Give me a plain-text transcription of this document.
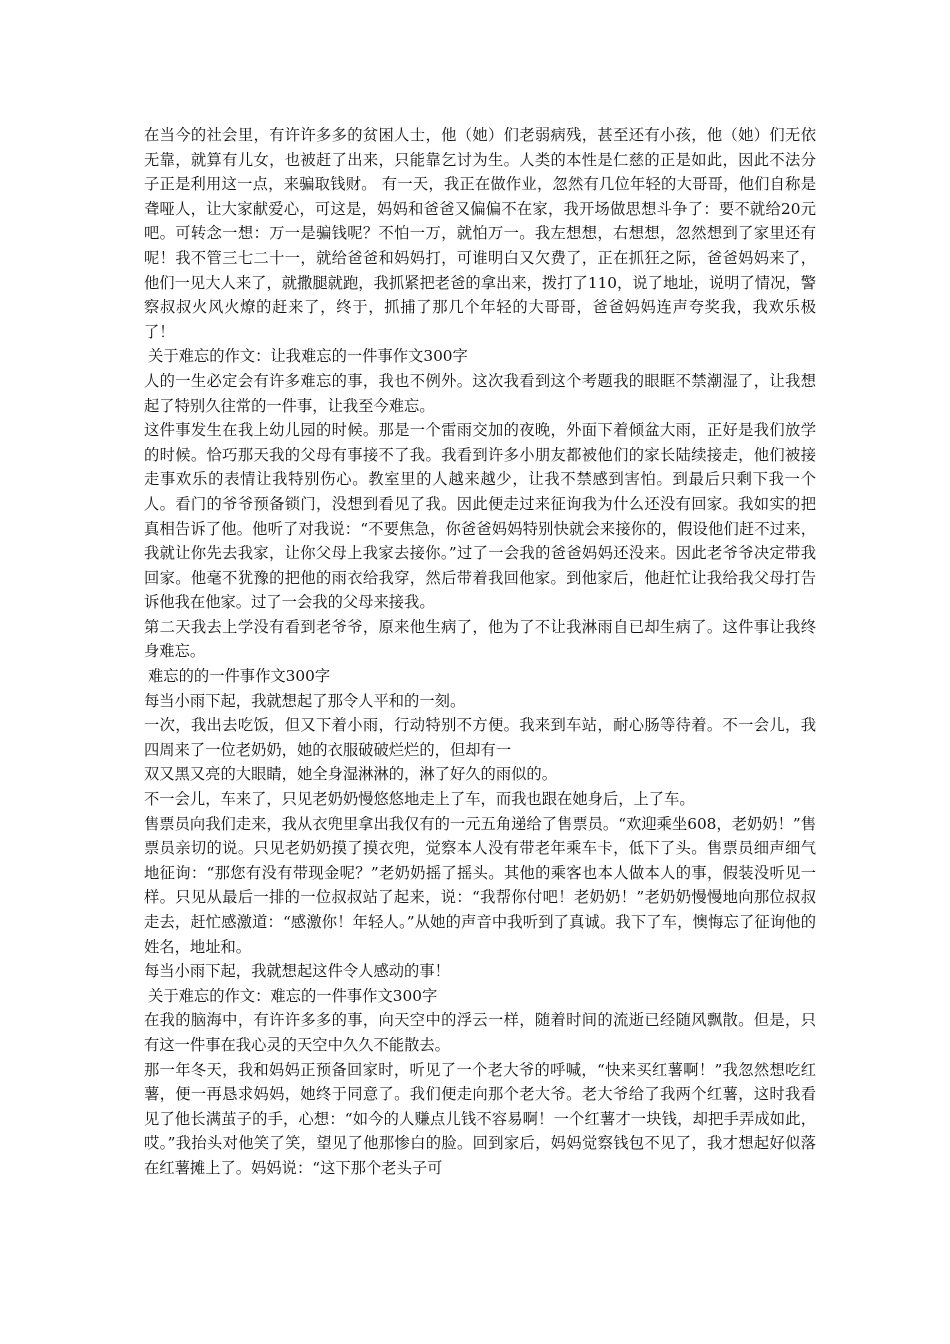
在当今的社会里，有许许多多的贫困人士，他（她）们老弱病残，甚至还有小孩，他（她）们无依无靠，就算有儿女，也被赶了出来，只能靠乞讨为生。人类的本性是仁慈的正是如此，因此不法分子正是利用这一点，来骗取钱财。 有一天，我正在做作业，忽然有几位年轻的大哥哥，他们自称是聋哑人，让大家献爱心，可这是，妈妈和爸爸又偏偏不在家，我开场做思想斗争了：要不就给20元吧。可转念一想：万一是骗钱呢？不怕一万，就怕万一。我左想想，右想想，忽然想到了家里还有呢！我不管三七二十一，就给爸爸和妈妈打，可谁明白又欠费了，正在抓狂之际，爸爸妈妈来了，他们一见大人来了，就撒腿就跑，我抓紧把老爸的拿出来，拨打了110，说了地址，说明了情况，警察叔叔火风火燎的赶来了，终于，抓捕了那几个年轻的大哥哥，爸爸妈妈连声夸奖我，我欢乐极了！

关于难忘的作文：让我难忘的一件事作文300字

人的一生必定会有许多难忘的事，我也不例外。这次我看到这个考题我的眼眶不禁潮湿了，让我想起了特别久往常的一件事，让我至今难忘。

这件事发生在我上幼儿园的时候。那是一个雷雨交加的夜晚，外面下着倾盆大雨，正好是我们放学的时候。恰巧那天我的父母有事接不了我。我看到许多小朋友都被他们的家长陆续接走，他们被接走事欢乐的表情让我特别伤心。教室里的人越来越少，让我不禁感到害怕。到最后只剩下我一个人。看门的爷爷预备锁门，没想到看见了我。因此便走过来征询我为什么还没有回家。我如实的把真相告诉了他。他听了对我说：“不要焦急，你爸爸妈妈特别快就会来接你的，假设他们赶不过来，我就让你先去我家，让你父母上我家去接你。”过了一会我的爸爸妈妈还没来。因此老爷爷决定带我回家。他毫不犹豫的把他的雨衣给我穿，然后带着我回他家。到他家后，他赶忙让我给我父母打告诉他我在他家。过了一会我的父母来接我。

第二天我去上学没有看到老爷爷，原来他生病了，他为了不让我淋雨自已却生病了。这件事让我终身难忘。

难忘的的一件事作文300字

每当小雨下起，我就想起了那令人平和的一刻。

一次，我出去吃饭，但又下着小雨，行动特别不方便。我来到车站，耐心肠等待着。不一会儿，我四周来了一位老奶奶，她的衣服破破烂烂的，但却有一

双又黑又亮的大眼睛，她全身湿淋淋的，淋了好久的雨似的。

不一会儿，车来了，只见老奶奶慢悠悠地走上了车，而我也跟在她身后，上了车。

售票员向我们走来，我从衣兜里拿出我仅有的一元五角递给了售票员。“欢迎乘坐608，老奶奶！”售票员亲切的说。只见老奶奶摸了摸衣兜，觉察本人没有带老年乘车卡，低下了头。售票员细声细气地征询：“那您有没有带现金呢？”老奶奶摇了摇头。其他的乘客也本人做本人的事，假装没听见一样。只见从最后一排的一位叔叔站了起来，说：“我帮你付吧！老奶奶！”老奶奶慢慢地向那位叔叔走去，赶忙感激道：“感激你！年轻人。”从她的声音中我听到了真诚。我下了车，懊悔忘了征询他的姓名，地址和。

每当小雨下起，我就想起这件令人感动的事！

关于难忘的作文：难忘的一件事作文300字

在我的脑海中，有许许多多的事，向天空中的浮云一样，随着时间的流逝已经随风飘散。但是，只有这一件事在我心灵的天空中久久不能散去。

那一年冬天，我和妈妈正预备回家时，听见了一个老大爷的呼喊，“快来买红薯啊！”我忽然想吃红薯，便一再恳求妈妈，她终于同意了。我们便走向那个老大爷。老大爷给了我两个红薯，这时我看见了他长满茧子的手，心想：“如今的人赚点儿钱不容易啊！一个红薯才一块钱，却把手弄成如此，哎。”我抬头对他笑了笑，望见了他那惨白的脸。回到家后，妈妈觉察钱包不见了，我才想起好似落在红薯摊上了。妈妈说：“这下那个老头子可
